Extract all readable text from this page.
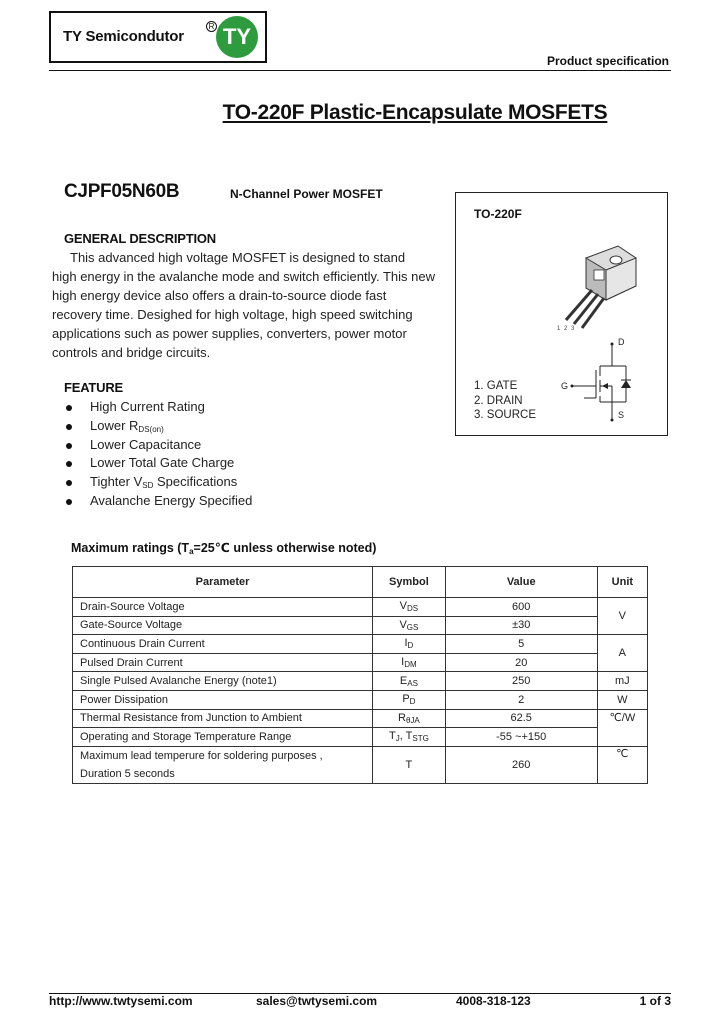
TY Semicondutor
R TY
Product specification
TO-220F Plastic-Encapsulate MOSFETS
CJPF05N60B	N-Channel Power MOSFET
GENERAL DESCRIPTION
This advanced high voltage MOSFET is designed to stand
high energy in the avalanche mode and switch efficiently. This new
high energy device also offers a drain-to-source diode fast
recovery time. Desighed for high voltage, high speed switching
applications such as power supplies, converters, power motor
controls and bridge circuits.
FEATURE
High Current Rating
Lower $R_{DS(on)}$
Lower Capacitance
Lower Total Gate Charge
Tighter $V_{SD}$ Specifications
Avalanche Energy Specified
TO-220F
1 2 3
1. GATE
2. DRAIN
3. SOURCE
D
G
S
Maximum ratings ($T_a=25℃$ unless otherwise noted)
Parameter	Symbol	Value	Unit
Drain-Source Voltage	$V_{DS}$	600	V
Gate-Source Voltage	$V_{GS}$	±30	
Continuous Drain Current	$I_D$	5	A
Pulsed Drain Current	$I_{DM}$	20	
Single Pulsed Avalanche Energy (note1)	$E_{AS}$	250	mJ
Power Dissipation	$P_D$	2	W
Thermal Resistance from Junction to Ambient	$R_{\theta JA}$	62.5	℃/W
Operating and Storage Temperature Range	$T_J$, $T_{STG}$	-55 ~+150	

Maximum lead temperure for soldering purposes ,
Duration 5 seconds	T	260	℃
http://www.twtysemi.com	sales@twtysemi.com	4008-318-123	1 of 3
